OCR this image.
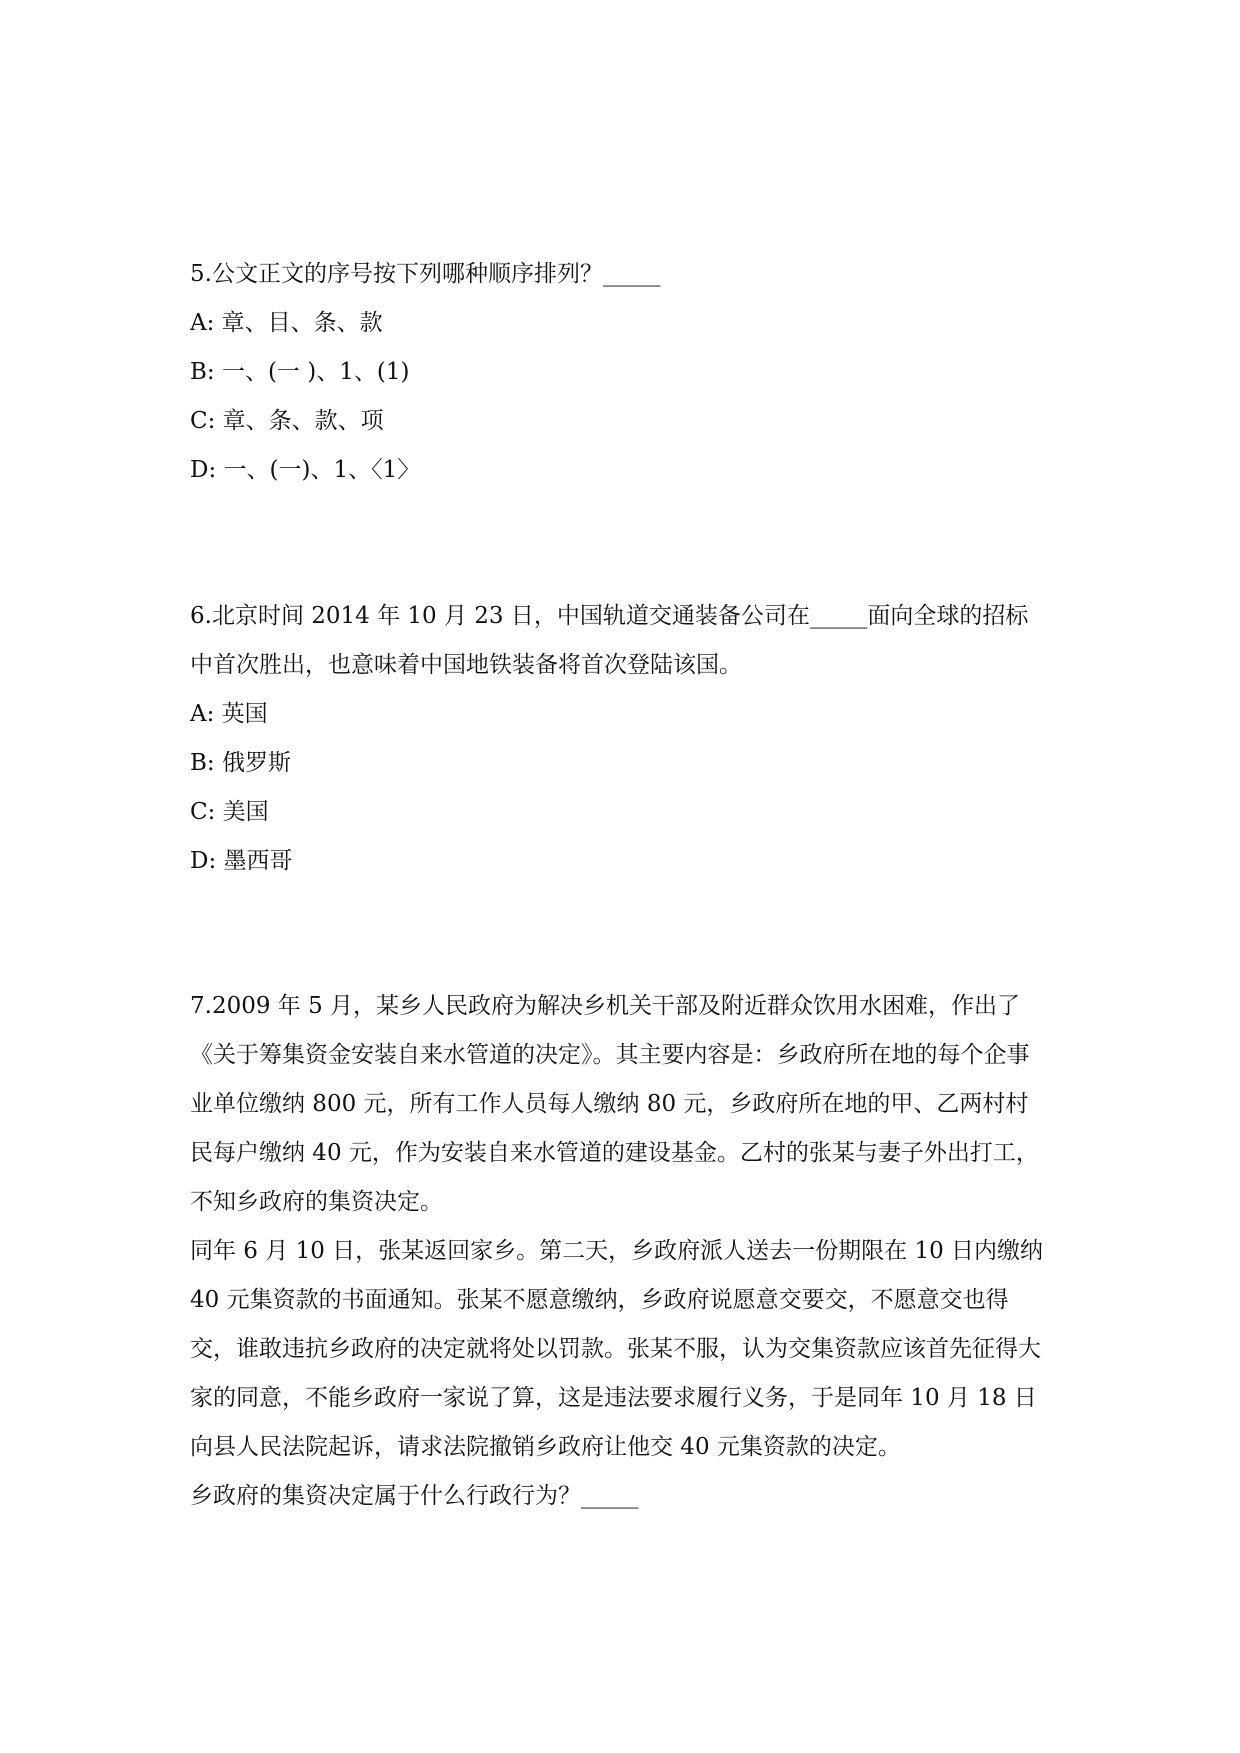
5.公文正文的序号按下列哪种顺序排列？_____

A: 章、目、条、款

B: 一、(一 )、1、(1)

C: 章、条、款、项

D: 一、(一)、1、〈1〉

6.北京时间 2014 年 10 月 23 日，中国轨道交通装备公司在_____面向全球的招标中首次胜出，也意味着中国地铁装备将首次登陆该国。

A: 英国

B: 俄罗斯

C: 美国

D: 墨西哥

7.2009 年 5 月，某乡人民政府为解决乡机关干部及附近群众饮用水困难，作出了《关于筹集资金安装自来水管道的决定》。其主要内容是：乡政府所在地的每个企事业单位缴纳 800 元，所有工作人员每人缴纳 80 元，乡政府所在地的甲、乙两村村民每户缴纳 40 元，作为安装自来水管道的建设基金。乙村的张某与妻子外出打工，不知乡政府的集资决定。

同年 6 月 10 日，张某返回家乡。第二天，乡政府派人送去一份期限在 10 日内缴纳 40 元集资款的书面通知。张某不愿意缴纳，乡政府说愿意交要交，不愿意交也得交，谁敢违抗乡政府的决定就将处以罚款。张某不服，认为交集资款应该首先征得大家的同意，不能乡政府一家说了算，这是违法要求履行义务，于是同年 10 月 18 日向县人民法院起诉，请求法院撤销乡政府让他交 40 元集资款的决定。

乡政府的集资决定属于什么行政行为？_____
